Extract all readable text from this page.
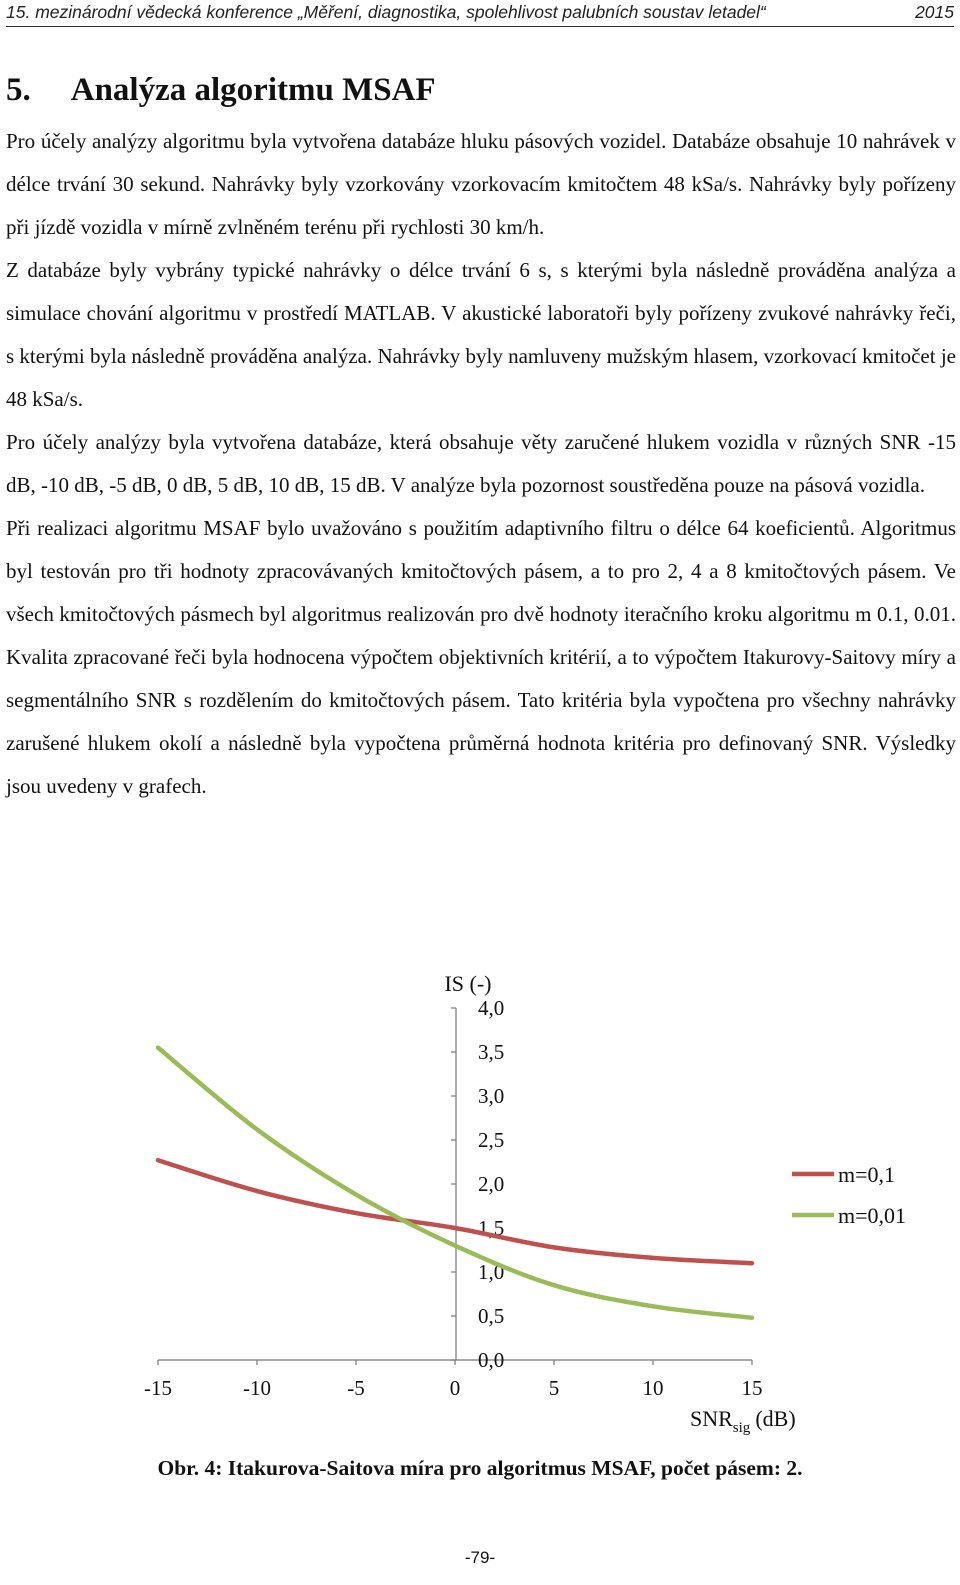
15. mezinárodní vědecká konference „Měření, diagnostika, spolehlivost palubních soustav letadel“	2015
5. Analýza algoritmu MSAF

Pro účely analýzy algoritmu byla vytvořena databáze hluku pásových vozidel. Databáze obsahuje 10 nahrávek v délce trvání 30 sekund. Nahrávky byly vzorkovány vzorkovacím kmitočtem 48 kSa/s. Nahrávky byly pořízeny při jízdě vozidla v mírně zvlněném terénu při rychlosti 30 km/h.

Z databáze byly vybrány typické nahrávky o délce trvání 6 s, s kterými byla následně prováděna analýza a simulace chování algoritmu v prostředí MATLAB. V akustické laboratoři byly pořízeny zvukové nahrávky řeči, s kterými byla následně prováděna analýza. Nahrávky byly namluveny mužským hlasem, vzorkovací kmitočet je 48 kSa/s.

Pro účely analýzy byla vytvořena databáze, která obsahuje věty zaručené hlukem vozidla v různých SNR -15 dB, -10 dB, -5 dB, 0 dB, 5 dB, 10 dB, 15 dB. V analýze byla pozornost soustředěna pouze na pásová vozidla.

Při realizaci algoritmu MSAF bylo uvažováno s použitím adaptivního filtru o délce 64 koeficientů. Algoritmus byl testován pro tři hodnoty zpracovávaných kmitočtových pásem, a to pro 2, 4 a 8 kmitočtových pásem. Ve všech kmitočtových pásmech byl algoritmus realizován pro dvě hodnoty iteračního kroku algoritmu m 0.1, 0.01. Kvalita zpracované řeči byla hodnocena výpočtem objektivních kritérií, a to výpočtem Itakurovy-Saitovy míry a segmentálního SNR s rozdělením do kmitočtových pásem. Tato kritéria byla vypočtena pro všechny nahrávky zarušené hlukem okolí a následně byla vypočtena průměrná hodnota kritéria pro definovaný SNR. Výsledky jsou uvedeny v grafech.

IS (-)
$SNR_{sig}$ (dB)
0,0
0,5
1,0
1,5
2,0
2,5
3,0
3,5
4,0
-15	-10	-5	0	5	10	15
m=0,1
m=0,01
Obr. 4: Itakurova-Saitova míra pro algoritmus MSAF, počet pásem: 2.
-79-
